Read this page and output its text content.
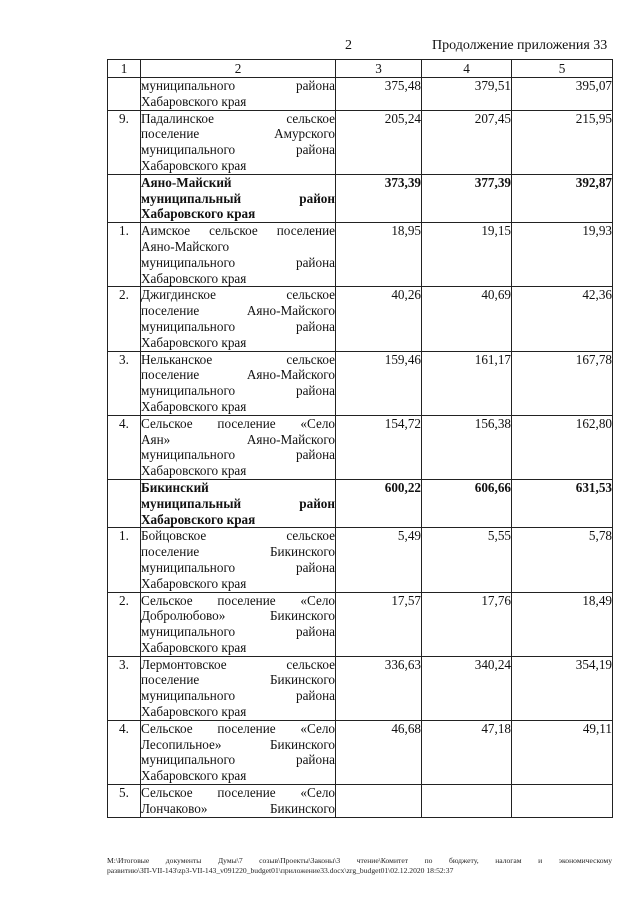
2	Продолжение приложения 33
1	2	3	4	5

	муниципального района
Хабаровского края	375,48	379,51	395,07
9.	Падалинское сельское
поселение Амурского
муниципального района
Хабаровского края	205,24	207,45	215,95

	Аяно-Майский
муниципальный район
Хабаровского края	373,39	377,39	392,87
1.	Аимское сельское поселение
Аяно-Майского
муниципального района
Хабаровского края	18,95	19,15	19,93
2.	Джигдинское сельское
поселение Аяно-Майского
муниципального района
Хабаровского края	40,26	40,69	42,36
3.	Нельканское сельское
поселение Аяно-Майского
муниципального района
Хабаровского края	159,46	161,17	167,78
4.	Сельское поселение «Село
Аян» Аяно-Майского
муниципального района
Хабаровского края	154,72	156,38	162,80

	Бикинский
муниципальный район
Хабаровского края	600,22	606,66	631,53
1.	Бойцовское сельское
поселение Бикинского
муниципального района
Хабаровского края	5,49	5,55	5,78
2.	Сельское поселение «Село
Добролюбово» Бикинского
муниципального района
Хабаровского края	17,57	17,76	18,49
3.	Лермонтовское сельское
поселение Бикинского
муниципального района
Хабаровского края	336,63	340,24	354,19
4.	Сельское поселение «Село
Лесопильное» Бикинского
муниципального района
Хабаровского края	46,68	47,18	49,11
5.	Сельское поселение «Село
Лончаково» Бикинского			

M:\Итоговые документы Думы\7 созыв\Проекты\Законы\3 чтение\Комитет по бюджету, налогам и экономическому
развитию\ЗП-VII-143\zp3-VII-143_v091220_budget01\приложение33.docx\zrg_budget01\02.12.2020 18:52:37
